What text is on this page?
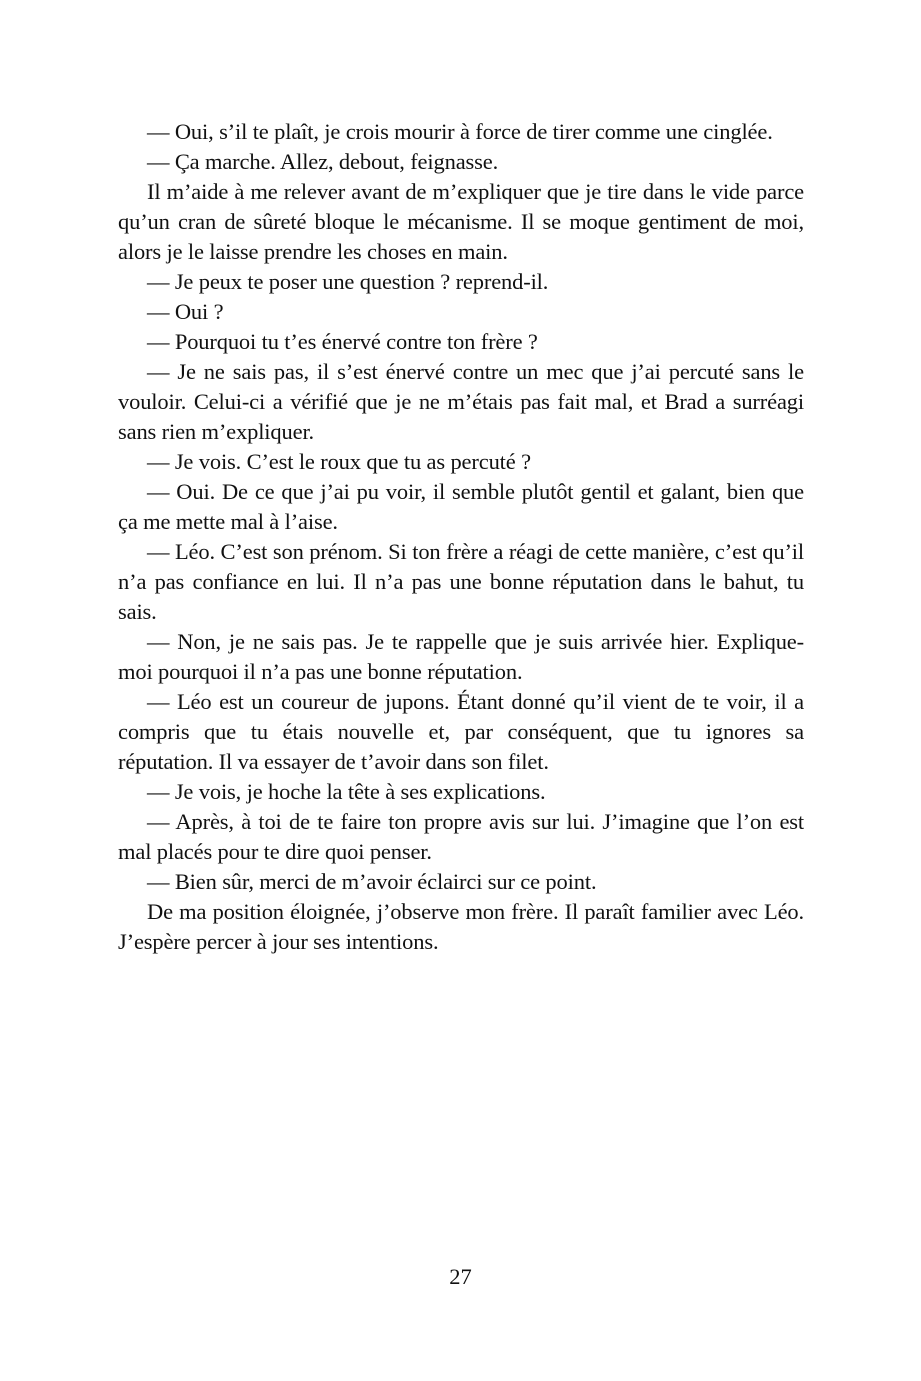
— Oui, s’il te plaît, je crois mourir à force de tirer comme une cinglée.

— Ça marche. Allez, debout, feignasse.

Il m’aide à me relever avant de m’expliquer que je tire dans le vide parce qu’un cran de sûreté bloque le mécanisme. Il se moque gentiment de moi, alors je le laisse prendre les choses en main.

— Je peux te poser une question ? reprend-il.

— Oui ?

— Pourquoi tu t’es énervé contre ton frère ?

— Je ne sais pas, il s’est énervé contre un mec que j’ai percuté sans le vouloir. Celui-ci a vérifié que je ne m’étais pas fait mal, et Brad a surréagi sans rien m’expliquer.

— Je vois. C’est le roux que tu as percuté ?

— Oui. De ce que j’ai pu voir, il semble plutôt gentil et galant, bien que ça me mette mal à l’aise.

— Léo. C’est son prénom. Si ton frère a réagi de cette manière, c’est qu’il n’a pas confiance en lui. Il n’a pas une bonne réputation dans le bahut, tu sais.

— Non, je ne sais pas. Je te rappelle que je suis arrivée hier. Explique-moi pourquoi il n’a pas une bonne réputation.

— Léo est un coureur de jupons. Étant donné qu’il vient de te voir, il a compris que tu étais nouvelle et, par conséquent, que tu ignores sa réputation. Il va essayer de t’avoir dans son filet.

— Je vois, je hoche la tête à ses explications.

— Après, à toi de te faire ton propre avis sur lui. J’imagine que l’on est mal placés pour te dire quoi penser.

— Bien sûr, merci de m’avoir éclairci sur ce point.

De ma position éloignée, j’observe mon frère. Il paraît familier avec Léo. J’espère percer à jour ses intentions.

27
